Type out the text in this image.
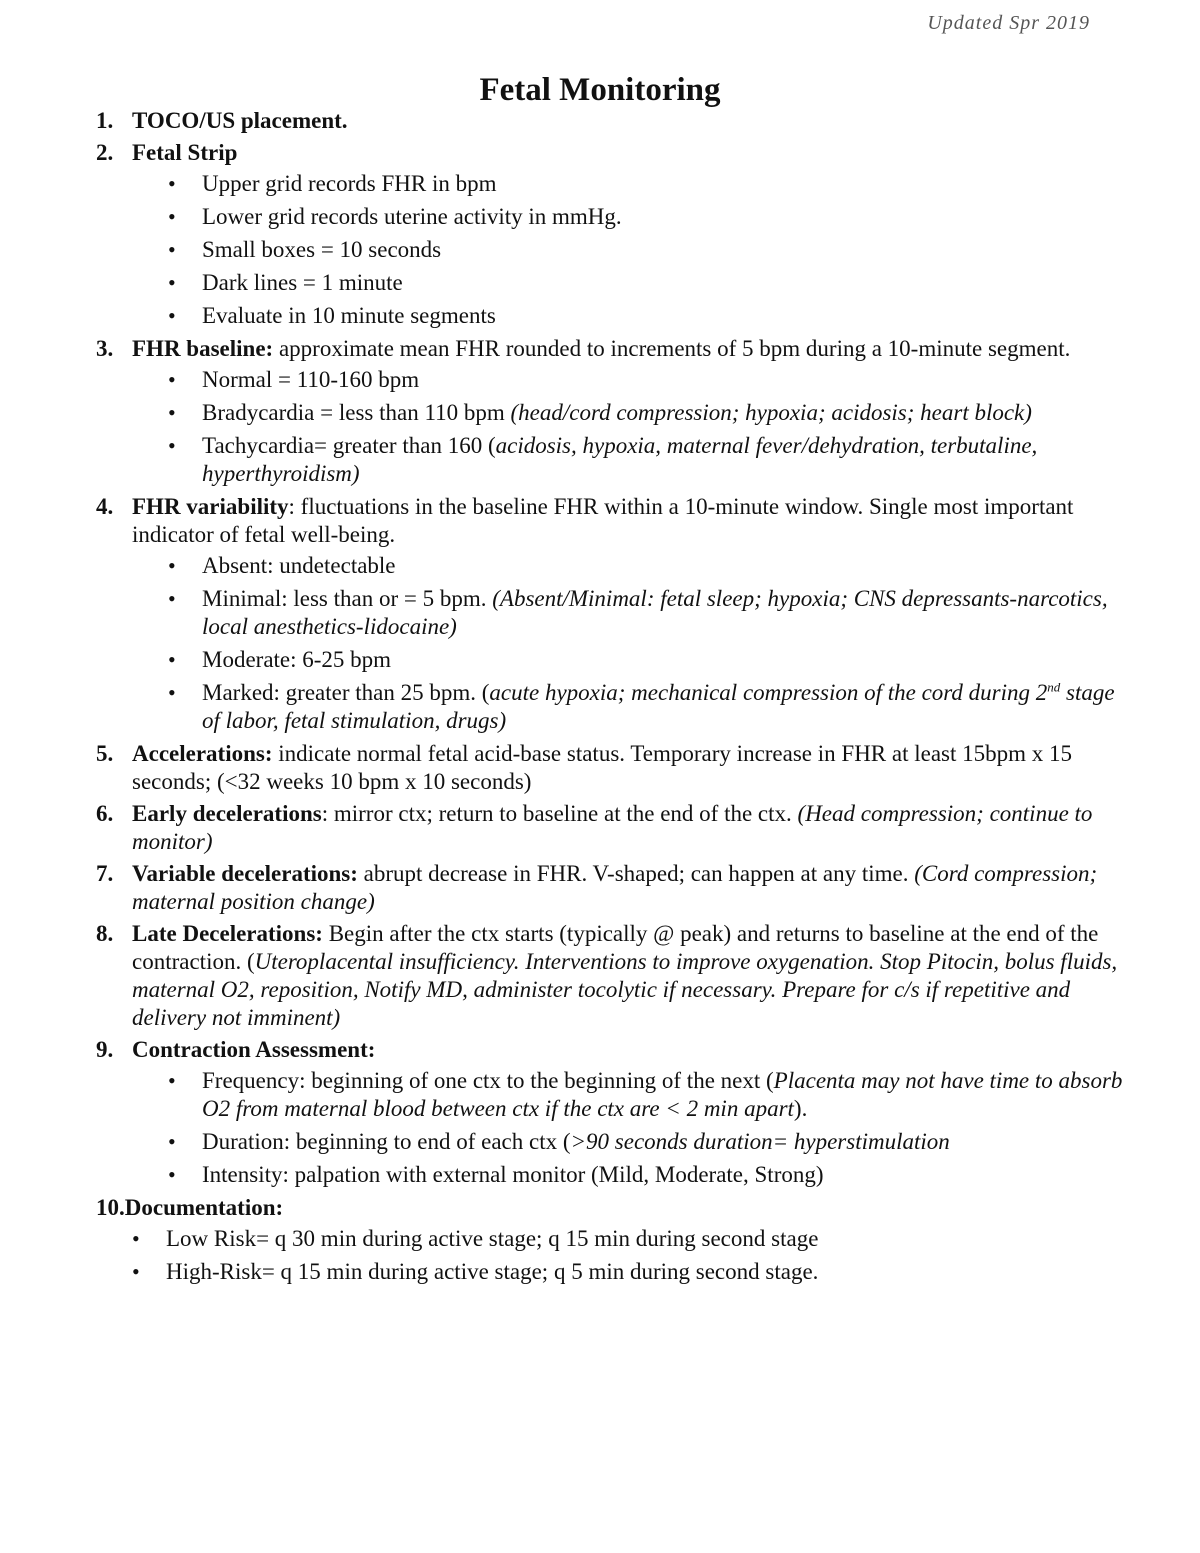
Updated Spr 2019
Fetal Monitoring
1. TOCO/US placement.
2. Fetal Strip
• Upper grid records FHR in bpm
• Lower grid records uterine activity in mmHg.
• Small boxes = 10 seconds
• Dark lines = 1 minute
• Evaluate in 10 minute segments
3. FHR baseline: approximate mean FHR rounded to increments of 5 bpm during a 10-minute segment.
• Normal = 110-160 bpm
• Bradycardia = less than 110 bpm (head/cord compression; hypoxia; acidosis; heart block)
• Tachycardia= greater than 160 (acidosis, hypoxia, maternal fever/dehydration, terbutaline, hyperthyroidism)
4. FHR variability: fluctuations in the baseline FHR within a 10-minute window. Single most important indicator of fetal well-being.
• Absent: undetectable
• Minimal: less than or = 5 bpm. (Absent/Minimal: fetal sleep; hypoxia; CNS depressants-narcotics, local anesthetics-lidocaine)
• Moderate: 6-25 bpm
• Marked: greater than 25 bpm. (acute hypoxia; mechanical compression of the cord during 2nd stage of labor, fetal stimulation, drugs)
5. Accelerations: indicate normal fetal acid-base status. Temporary increase in FHR at least 15bpm x 15 seconds; (<32 weeks 10 bpm x 10 seconds)
6. Early decelerations: mirror ctx; return to baseline at the end of the ctx. (Head compression; continue to monitor)
7. Variable decelerations: abrupt decrease in FHR. V-shaped; can happen at any time. (Cord compression; maternal position change)
8. Late Decelerations: Begin after the ctx starts (typically @ peak) and returns to baseline at the end of the contraction. (Uteroplacental insufficiency. Interventions to improve oxygenation. Stop Pitocin, bolus fluids, maternal O2, reposition, Notify MD, administer tocolytic if necessary. Prepare for c/s if repetitive and delivery not imminent)
9. Contraction Assessment:
• Frequency: beginning of one ctx to the beginning of the next (Placenta may not have time to absorb O2 from maternal blood between ctx if the ctx are < 2 min apart).
• Duration: beginning to end of each ctx (>90 seconds duration= hyperstimulation
• Intensity: palpation with external monitor (Mild, Moderate, Strong)
10.Documentation:
• Low Risk= q 30 min during active stage; q 15 min during second stage
• High-Risk= q 15 min during active stage; q 5 min during second stage.
